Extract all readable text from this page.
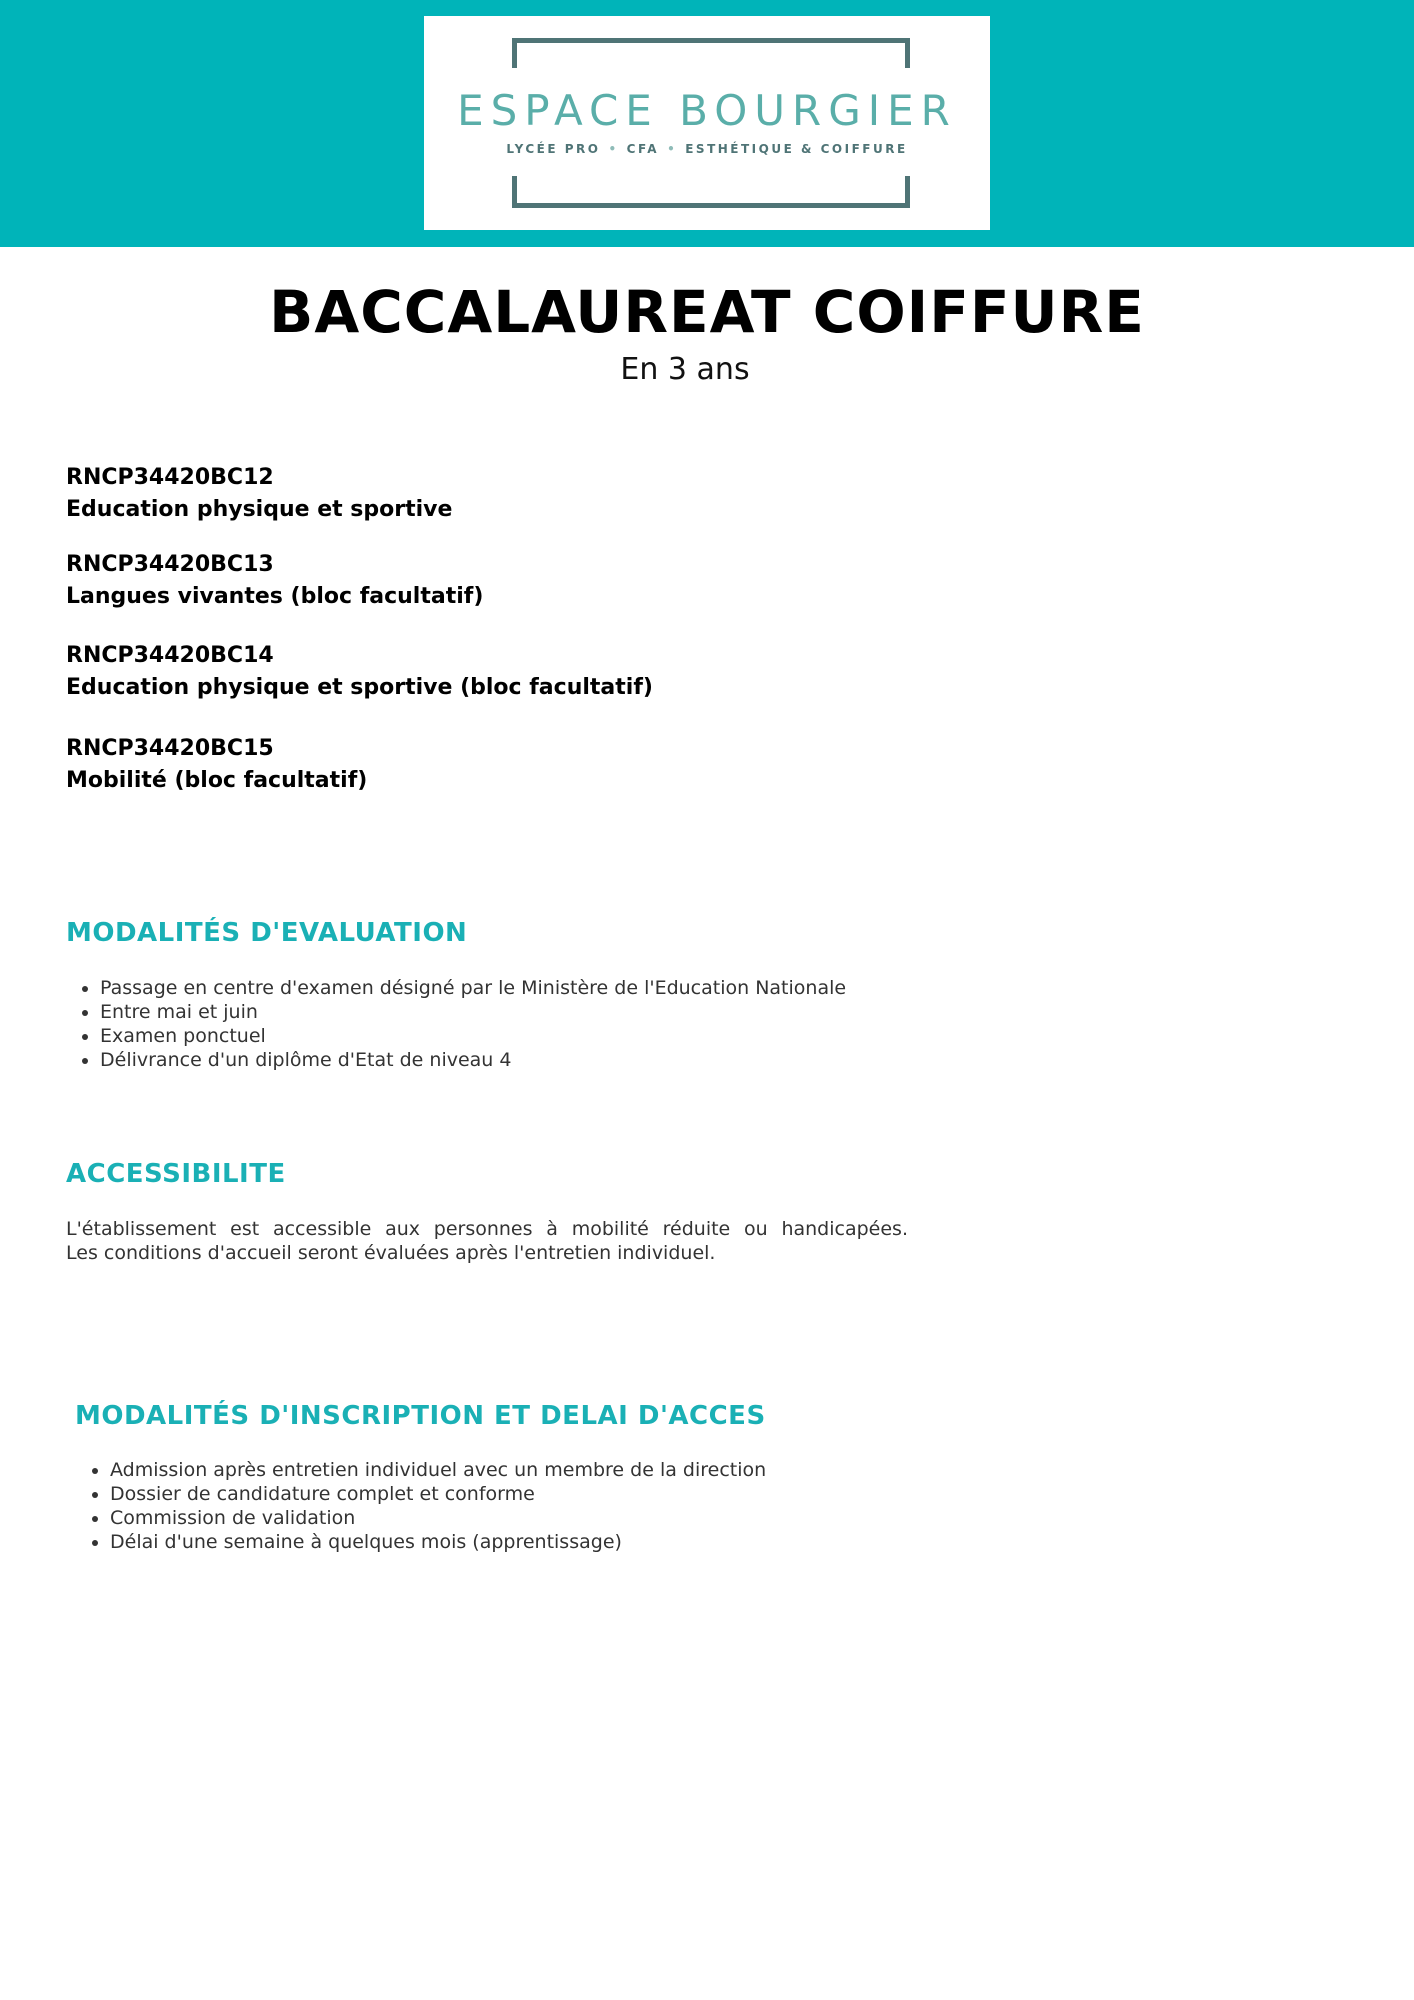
ESPACE BOURGIER
LYCÉE PRO • CFA • ESTHÉTIQUE & COIFFURE
BACCALAUREAT COIFFURE
En 3 ans
RNCP34420BC12
Education physique et sportive
RNCP34420BC13
Langues vivantes (bloc facultatif)
RNCP34420BC14
Education physique et sportive (bloc facultatif)
RNCP34420BC15
Mobilité (bloc facultatif)
MODALITÉS D'EVALUATION
• Passage en centre d'examen désigné par le Ministère de l'Education Nationale
• Entre mai et juin
• Examen ponctuel
• Délivrance d'un diplôme d'Etat de niveau 4
ACCESSIBILITE
L'établissement est accessible aux personnes à mobilité réduite ou handicapées.
Les conditions d'accueil seront évaluées après l'entretien individuel.
MODALITÉS D'INSCRIPTION ET DELAI D'ACCES
• Admission après entretien individuel avec un membre de la direction
• Dossier de candidature complet et conforme
• Commission de validation
• Délai d'une semaine à quelques mois (apprentissage)
